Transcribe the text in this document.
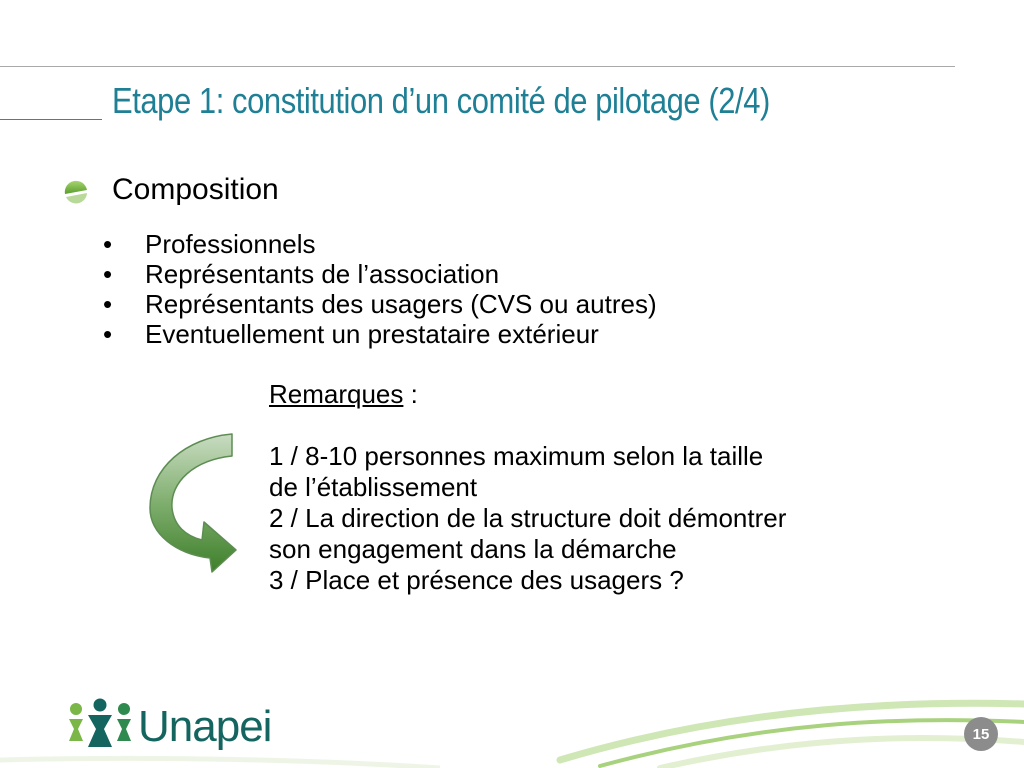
Etape 1: constitution d’un comité de pilotage (2/4)
Composition
• Professionnels
• Représentants de l’association
• Représentants des usagers (CVS ou autres)
• Eventuellement un prestataire extérieur
Remarques :
1 / 8-10 personnes maximum selon la taille
de l’établissement
2 / La direction de la structure doit démontrer
son engagement dans la démarche
3 / Place et présence des usagers ?
Unapei	15
